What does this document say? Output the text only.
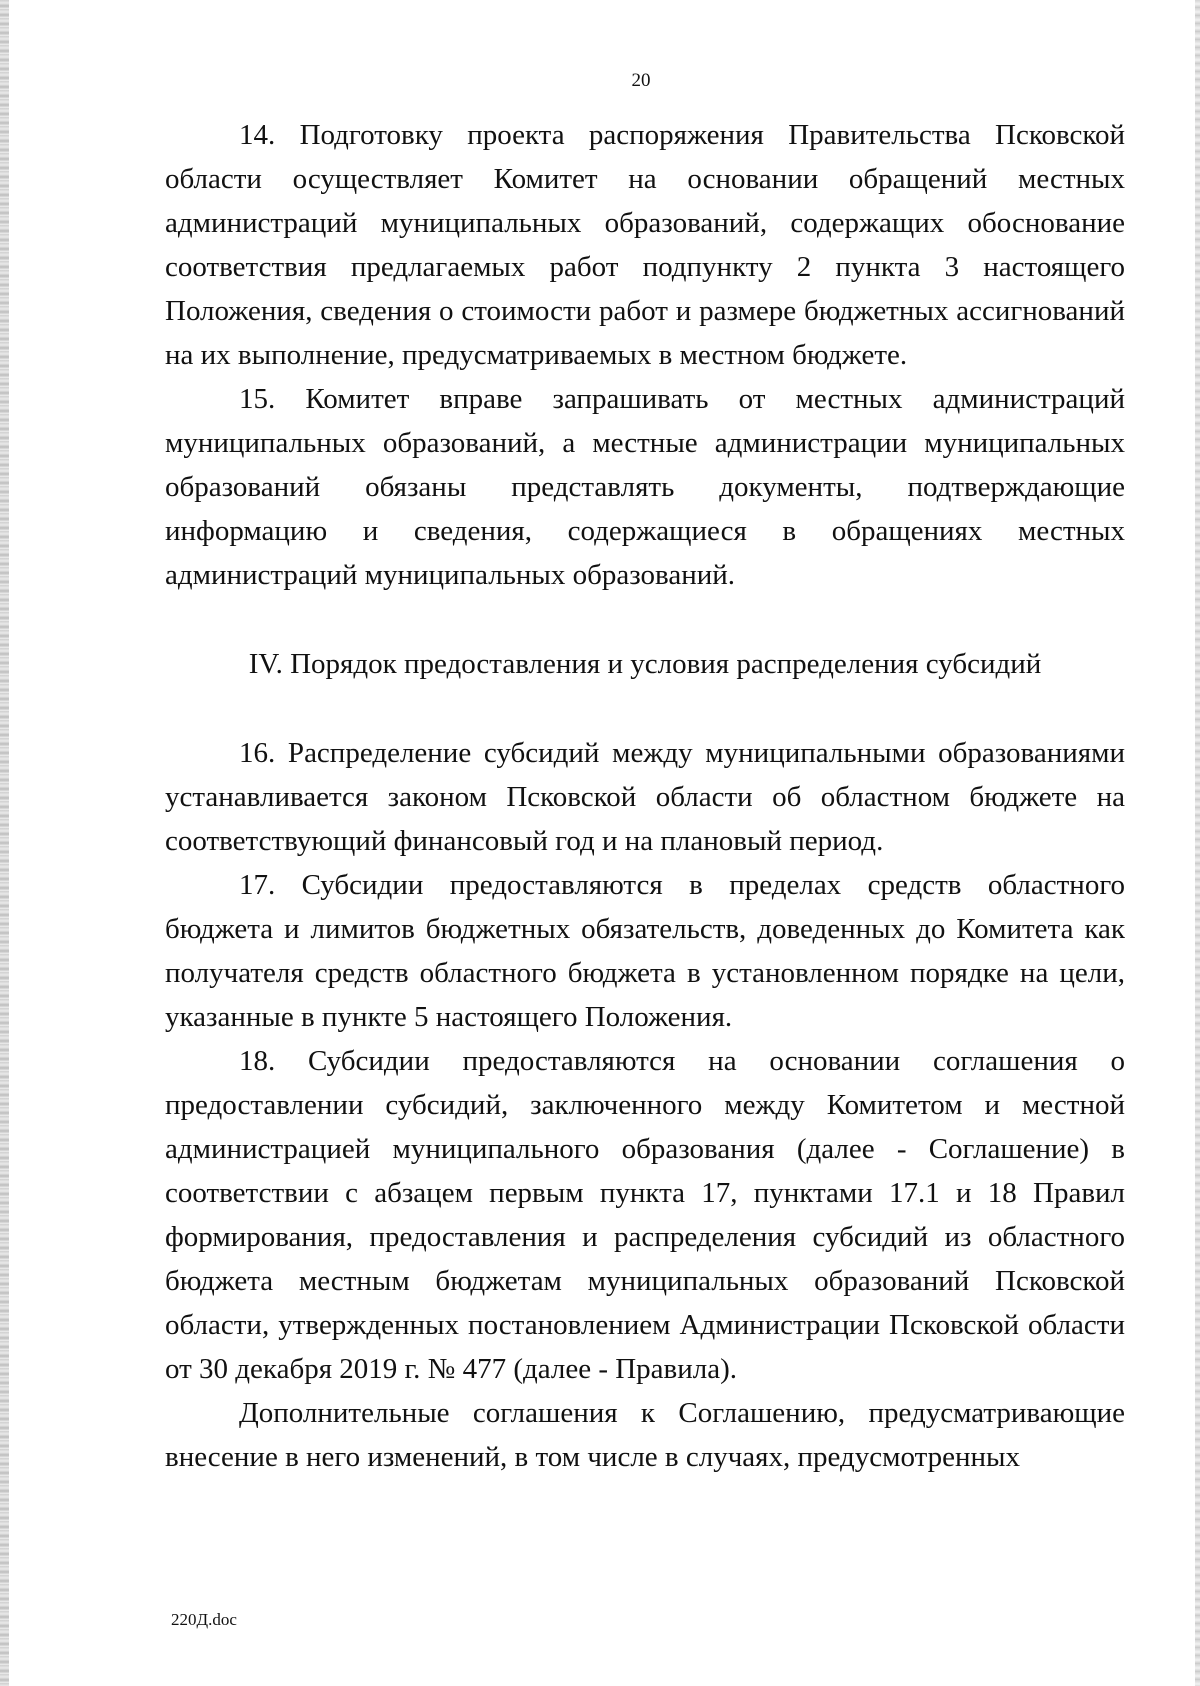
20

14. Подготовку проекта распоряжения Правительства Псковской области осуществляет Комитет на основании обращений местных администраций муниципальных образований, содержащих обоснование соответствия предлагаемых работ подпункту 2 пункта 3 настоящего Положения, сведения о стоимости работ и размере бюджетных ассигнований на их выполнение, предусматриваемых в местном бюджете.

15. Комитет вправе запрашивать от местных администраций муниципальных образований, а местные администрации муниципальных образований обязаны представлять документы, подтверждающие информацию и сведения, содержащиеся в обращениях местных администраций муниципальных образований.

IV. Порядок предоставления и условия распределения субсидий

16. Распределение субсидий между муниципальными образованиями устанавливается законом Псковской области об областном бюджете на соответствующий финансовый год и на плановый период.

17. Субсидии предоставляются в пределах средств областного бюджета и лимитов бюджетных обязательств, доведенных до Комитета как получателя средств областного бюджета в установленном порядке на цели, указанные в пункте 5 настоящего Положения.

18. Субсидии предоставляются на основании соглашения о предоставлении субсидий, заключенного между Комитетом и местной администрацией муниципального образования (далее - Соглашение) в соответствии с абзацем первым пункта 17, пунктами 17.1 и 18 Правил формирования, предоставления и распределения субсидий из областного бюджета местным бюджетам муниципальных образований Псковской области, утвержденных постановлением Администрации Псковской области от 30 декабря 2019 г. № 477 (далее - Правила).

Дополнительные соглашения к Соглашению, предусматривающие внесение в него изменений, в том числе в случаях, предусмотренных

220Д.doc
